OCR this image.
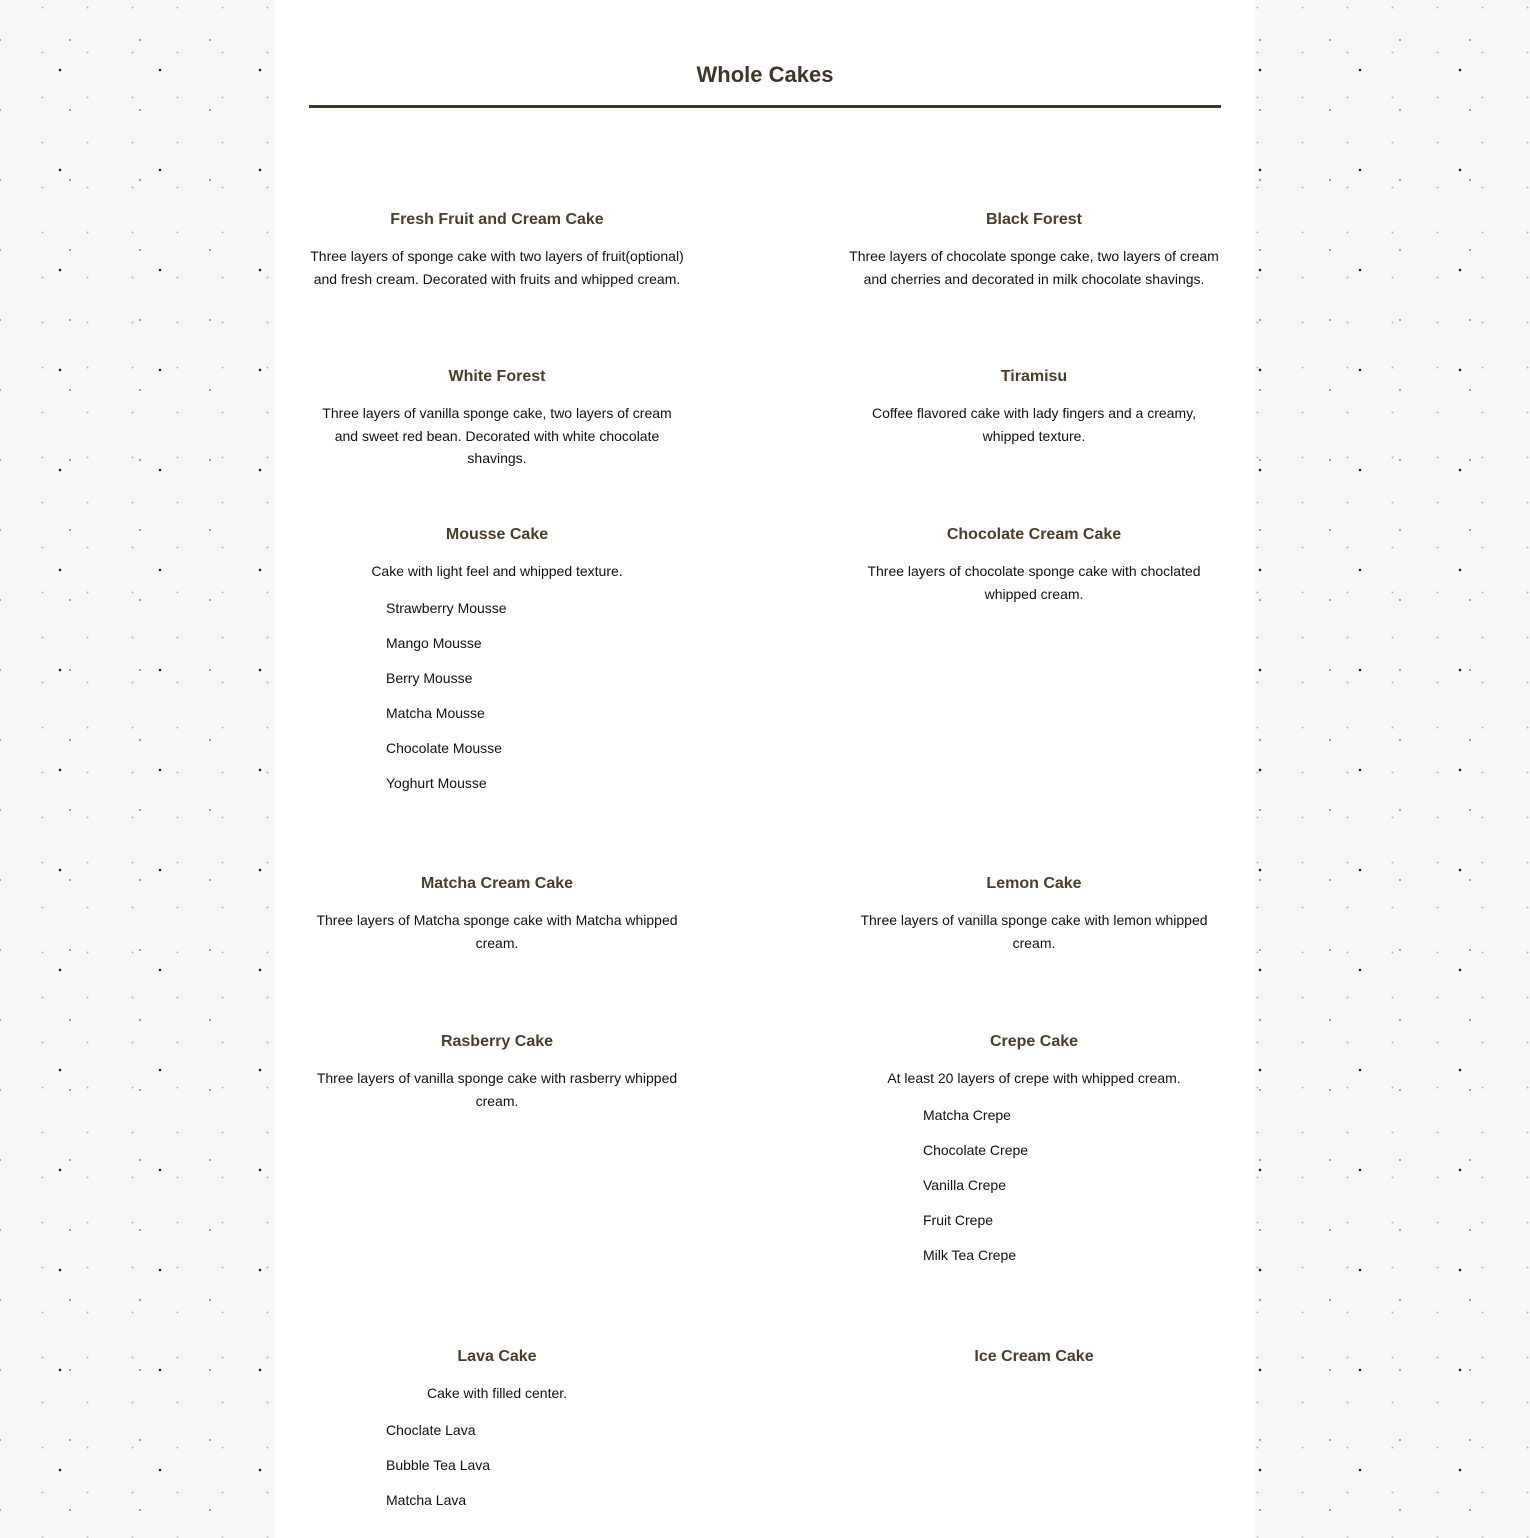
Whole Cakes
Fresh Fruit and Cream Cake

Three layers of sponge cake with two layers of fruit(optional) and fresh cream. Decorated with fruits and whipped cream.

Black Forest

Three layers of chocolate sponge cake, two layers of cream and cherries and decorated in milk chocolate shavings.

White Forest

Three layers of vanilla sponge cake, two layers of cream and sweet red bean. Decorated with white chocolate shavings.

Tiramisu

Coffee flavored cake with lady fingers and a creamy, whipped texture.

Mousse Cake

Cake with light feel and whipped texture.

Strawberry Mousse
Mango Mousse
Berry Mousse
Matcha Mousse
Chocolate Mousse
Yoghurt Mousse
Chocolate Cream Cake

Three layers of chocolate sponge cake with choclated whipped cream.

Matcha Cream Cake

Three layers of Matcha sponge cake with Matcha whipped cream.

Lemon Cake

Three layers of vanilla sponge cake with lemon whipped cream.

Rasberry Cake

Three layers of vanilla sponge cake with rasberry whipped cream.

Crepe Cake

At least 20 layers of crepe with whipped cream.

Matcha Crepe
Chocolate Crepe
Vanilla Crepe
Fruit Crepe
Milk Tea Crepe
Lava Cake

Cake with filled center.

Choclate Lava
Bubble Tea Lava
Matcha Lava
Ice Cream Cake
